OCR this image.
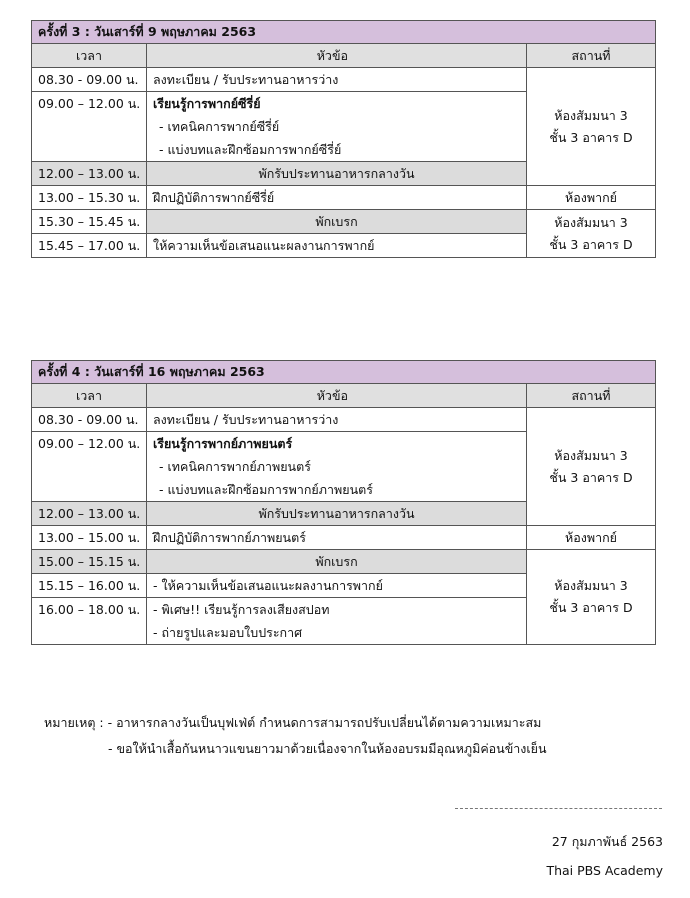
ครั้งที่ 3 : วันเสาร์ที่ 9 พฤษภาคม 2563		
เวลา	หัวข้อ	สถานที่
08.30 - 09.00 น.	ลงทะเบียน / รับประทานอาหารว่าง	ห้องสัมมนา 3
ชั้น 3 อาคาร D
09.00 – 12.00 น.	เรียนรู้การพากย์ซีรี่ย์
- เทคนิคการพากย์ซีรี่ย์
- แบ่งบทและฝึกซ้อมการพากย์ซีรี่ย์	

12.00 – 13.00 น.	พักรับประทานอาหารกลางวัน	
13.00 – 15.30 น.	ฝึกปฏิบัติการพากย์ซีรี่ย์	ห้องพากย์
15.30 – 15.45 น.	พักเบรก	ห้องสัมมนา 3
ชั้น 3 อาคาร D
15.45 – 17.00 น.	ให้ความเห็นข้อเสนอแนะผลงานการพากย์	
ครั้งที่ 4 : วันเสาร์ที่ 16 พฤษภาคม 2563		
เวลา	หัวข้อ	สถานที่
08.30 - 09.00 น.	ลงทะเบียน / รับประทานอาหารว่าง	ห้องสัมมนา 3
ชั้น 3 อาคาร D
09.00 – 12.00 น.	เรียนรู้การพากย์ภาพยนตร์
- เทคนิคการพากย์ภาพยนตร์
- แบ่งบทและฝึกซ้อมการพากย์ภาพยนตร์	

12.00 – 13.00 น.	พักรับประทานอาหารกลางวัน	
13.00 – 15.00 น.	ฝึกปฏิบัติการพากย์ภาพยนตร์	ห้องพากย์
15.00 – 15.15 น.	พักเบรก	ห้องสัมมนา 3
ชั้น 3 อาคาร D
15.15 – 16.00 น.	- ให้ความเห็นข้อเสนอแนะผลงานการพากย์	
16.00 – 18.00 น.	- พิเศษ!! เรียนรู้การลงเสียงสปอท
- ถ่ายรูปและมอบใบประกาศ	
หมายเหตุ : - อาหารกลางวันเป็นบุฟเฟ่ต์ กำหนดการสามารถปรับเปลี่ยนได้ตามความเหมาะสม
- ขอให้นำเสื้อกันหนาวแขนยาวมาด้วยเนื่องจากในห้องอบรมมีอุณหภูมิค่อนข้างเย็น
27 กุมภาพันธ์ 2563
Thai PBS Academy
